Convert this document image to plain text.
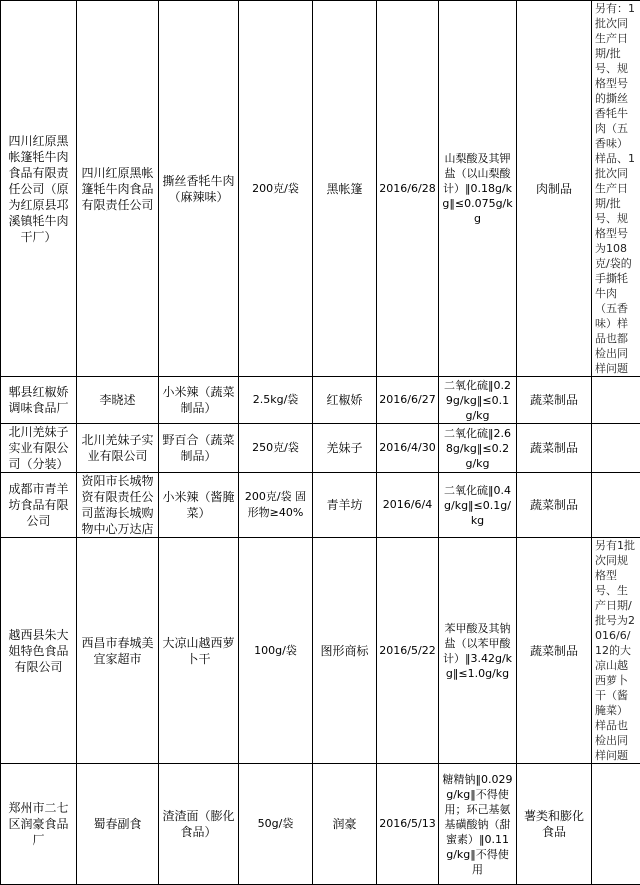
四川红原黑帐篷牦牛肉食品有限责任公司（原为红原县邛溪镇牦牛肉干厂）	四川红原黑帐篷牦牛肉食品有限责任公司	撕丝香牦牛肉（麻辣味）	200克/袋	黑帐篷	2016/6/28	山梨酸及其钾盐（以山梨酸计）‖0.18g/kg‖≤0.075g/kg	肉制品	另有：1批次同生产日期/批号、规格型号的撕丝香牦牛肉（五香味）样品、1批次同生产日期/批号、规格型号为108克/袋的手撕牦牛肉（五香味）样品也都检出同样问题
郫县红椒娇调味食品厂	李晓述	小米辣（蔬菜制品）	2.5kg/袋	红椒娇	2016/6/27	二氧化硫‖0.29g/kg‖≤0.1g/kg	蔬菜制品	
北川羌妹子实业有限公司（分装）	北川羌妹子实业有限公司	野百合（蔬菜制品）	250克/袋	羌妹子	2016/4/30	二氧化硫‖2.68g/kg‖≤0.2g/kg	蔬菜制品	
成都市青羊坊食品有限公司	资阳市长城物资有限责任公司蓝海长城购物中心万达店	小米辣（酱腌菜）	200克/袋 固形物≥40%	青羊坊	2016/6/4	二氧化硫‖0.4g/kg‖≤0.1g/kg	蔬菜制品	
越西县朱大姐特色食品有限公司	西昌市春城美宜家超市	大凉山越西萝卜干	100g/袋	图形商标	2016/5/22	苯甲酸及其钠盐（以苯甲酸计）‖3.42g/kg‖≤1.0g/kg	蔬菜制品	另有1批次同规格型号、生产日期/批号为2016/6/12的大凉山越西萝卜干（酱腌菜）样品也检出同样问题
郑州市二七区润豪食品厂	蜀春副食	渣渣面（膨化食品）	50g/袋	润豪	2016/5/13	糖精钠‖0.029g/kg‖不得使用；环己基氨基磺酸钠（甜蜜素）‖0.11g/kg‖不得使用	薯类和膨化食品	
